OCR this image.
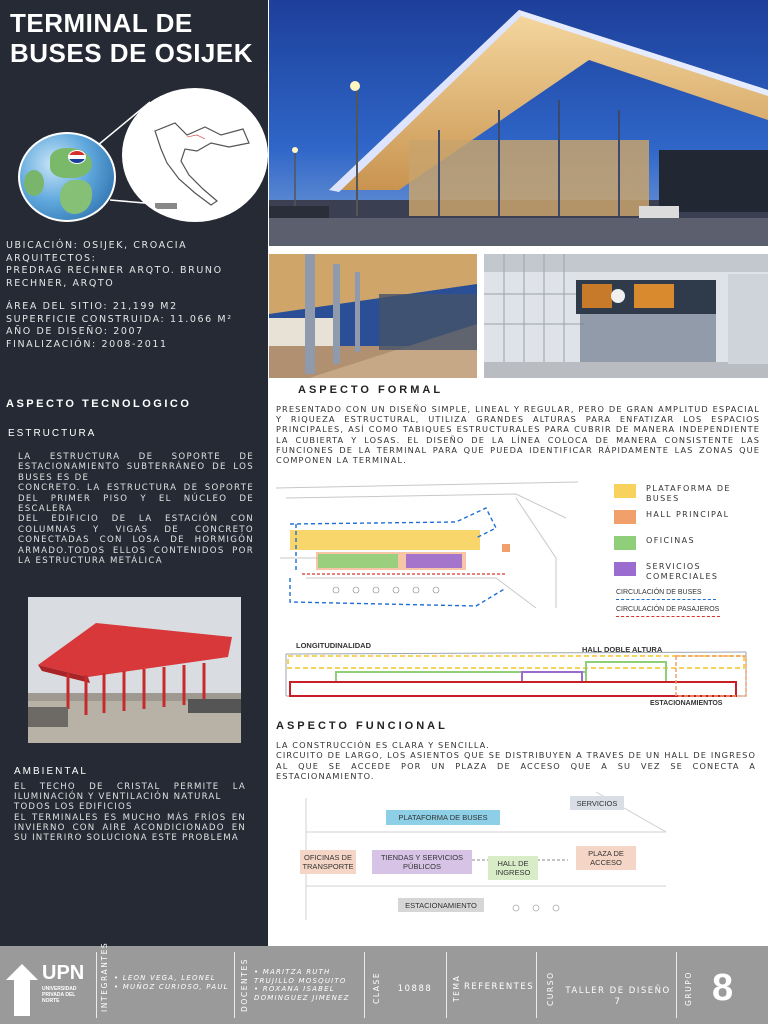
TERMINAL DE
BUSES DE OSIJEK

UBICACIÓN: OSIJEK, CROACIA

ARQUITECTOS:

PREDRAG RECHNER ARQTO. BRUNO RECHNER, ARQTO

ÁREA DEL SITIO: 21,199 M2

SUPERFICIE CONSTRUIDA: 11.066 M²

AÑO DE DISEÑO: 2007

FINALIZACIÓN: 2008-2011

ASPECTO TECNOLOGICO
ESTRUCTURA
LA ESTRUCTURA DE SOPORTE DE ESTACIONAMIENTO SUBTERRÁNEO DE LOS BUSES ES DE
CONCRETO. LA ESTRUCTURA DE SOPORTE DEL PRIMER PISO Y EL NÚCLEO DE ESCALERA
DEL EDIFICIO DE LA ESTACIÓN CON COLUMNAS Y VIGAS DE CONCRETO CONECTADAS CON LOSA DE HORMIGÓN ARMADO.TODOS ELLOS CONTENIDOS POR LA ESTRUCTURA METÁLICA
AMBIENTAL
EL TECHO DE CRISTAL PERMITE LA ILUMINACIÓN Y VENTILACIÓN NATURAL
TODOS LOS EDIFICIOS
EL TERMINALES ES MUCHO MÁS FRÍOS EN INVIERNO CON AIRE ACONDICIONADO EN SU INTERIRO SOLUCIONA ESTE PROBLEMA
ASPECTO FORMAL
PRESENTADO CON UN DISEÑO SIMPLE, LINEAL Y REGULAR, PERO DE GRAN AMPLITUD ESPACIAL Y RIQUEZA ESTRUCTURAL, UTILIZA GRANDES ALTURAS PARA ENFATIZAR LOS ESPACIOS PRINCIPALES, ASÍ COMO TABIQUES ESTRUCTURALES PARA CUBRIR DE MANERA INDEPENDIENTE LA CUBIERTA Y LOSAS. EL DISEÑO DE LA LÍNEA COLOCA DE MANERA CONSISTENTE LAS FUNCIONES DE LA TERMINAL PARA QUE PUEDA IDENTIFICAR RÁPIDAMENTE LAS ZONAS QUE COMPONEN LA TERMINAL.
PLATAFORMA DE BUSES
HALL PRINCIPAL
OFICINAS
SERVICIOS COMERCIALES
CIRCULACIÓN DE BUSES
CIRCULACIÓN DE PASAJEROS
LONGITUDINALIDAD	HALL DOBLE ALTURA
ESTACIONAMIENTOS
ASPECTO FUNCIONAL
LA CONSTRUCCIÓN ES CLARA Y SENCILLA.
CIRCUITO DE LARGO, LOS ASIENTOS QUE SE DISTRIBUYEN A TRAVES DE UN HALL DE INGRESO AL QUE SE ACCEDE POR UN PLAZA DE ACCESO QUE A SU VEZ SE CONECTA A ESTACIONAMIENTO.
SERVICIOS
PLATAFORMA DE BUSES
OFICINAS DE TRANSPORTE
TIENDAS Y SERVICIOS PÚBLICOS	HALL DE INGRESO
PLAZA DE ACCESO
ESTACIONAMIENTO
UPN
UNIVERSIDAD PRIVADA DEL NORTE	INTEGRANTES • LEON VEGA, LEONEL
• MUÑOZ CURIOSO, PAUL DOCENTES • MARITZA RUTH
TRUJILLO MOSQUITO
• ROXANA ISABEL
DOMINGUEZ JIMENEZ	CLASE	10888	TEMA REFERENTES CURSO	TALLER DE DISEÑO 7	GRUPO 8
